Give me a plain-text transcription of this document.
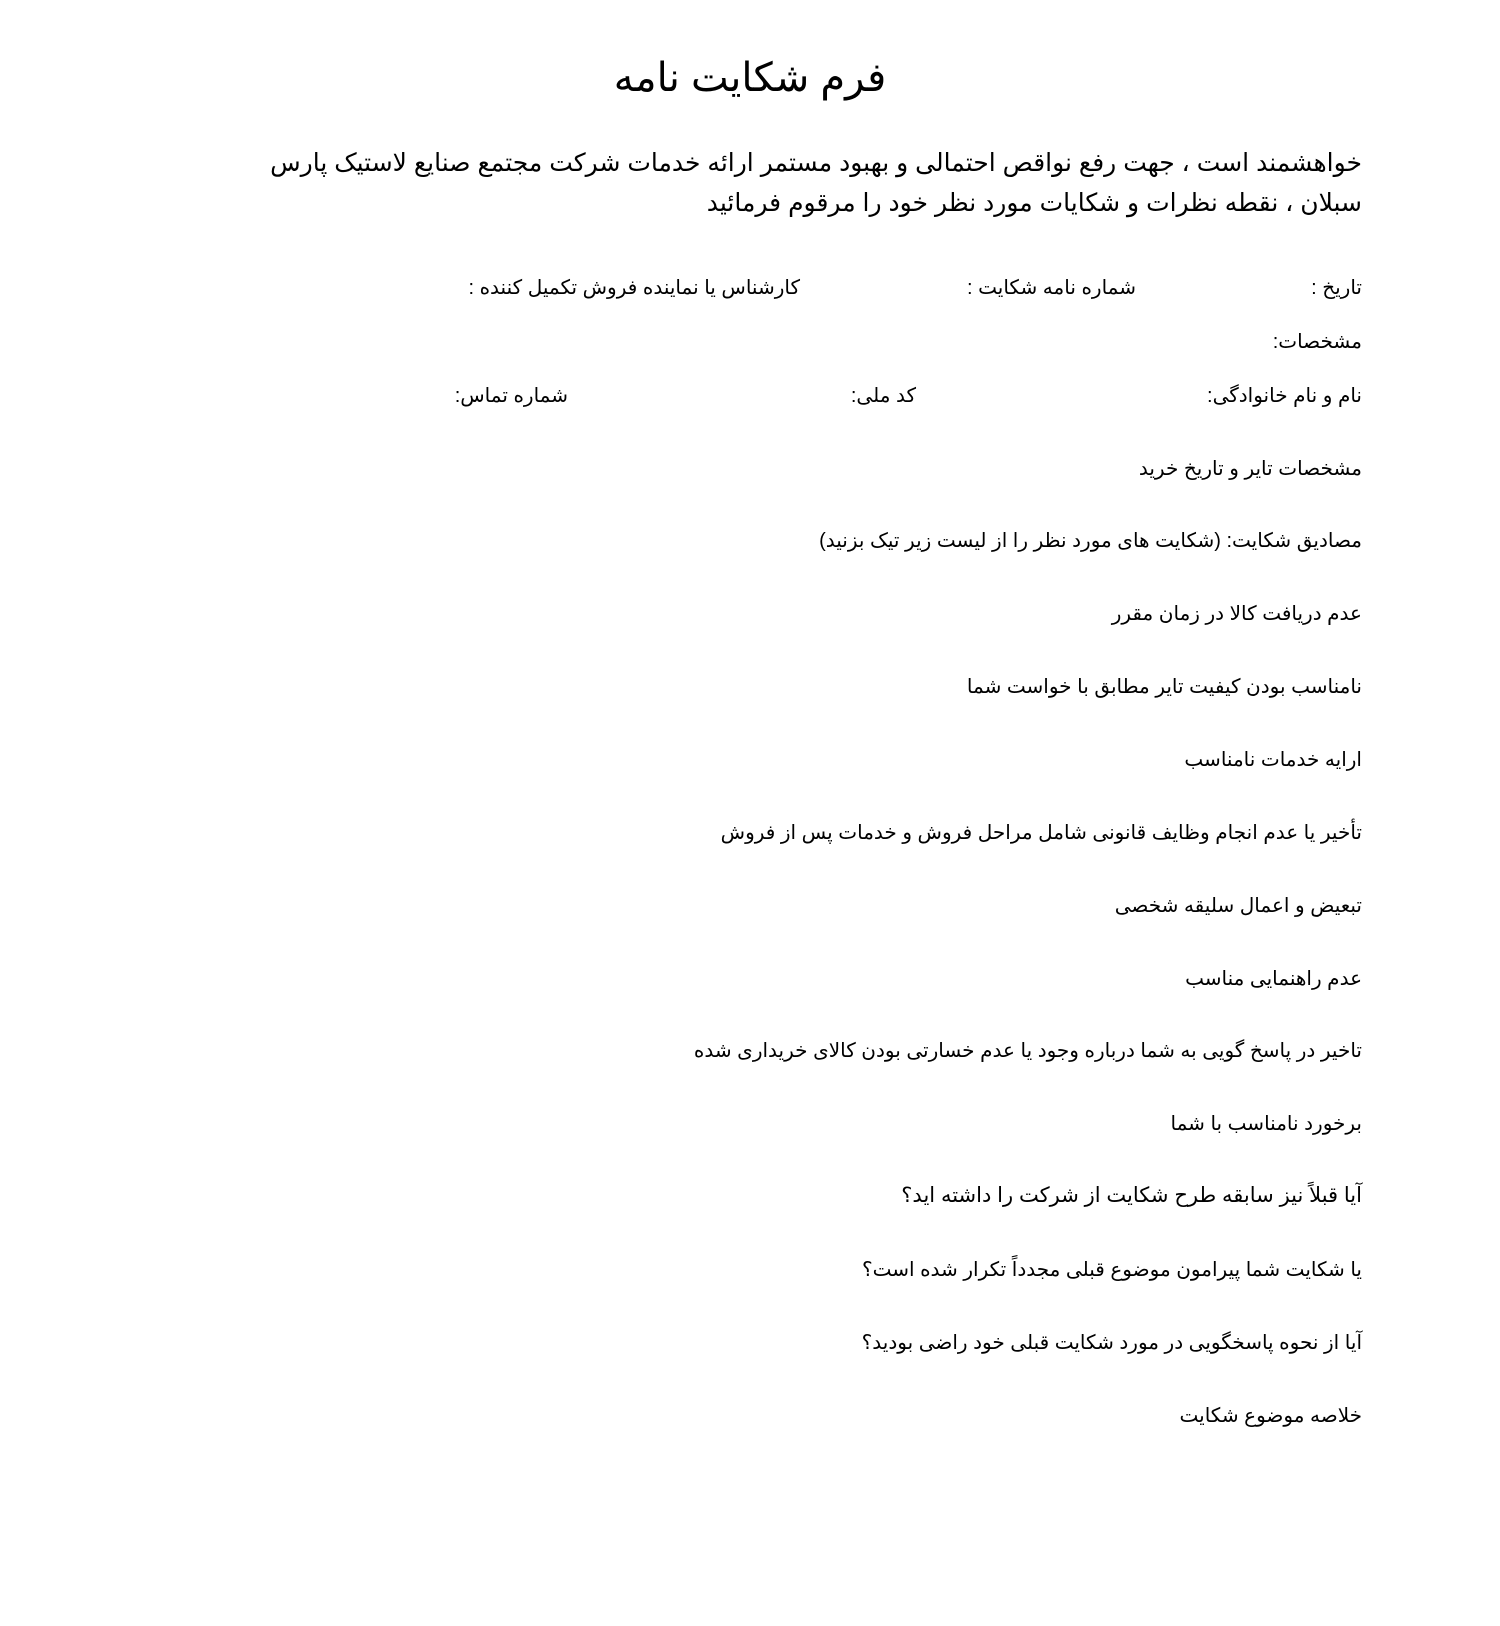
فرم شکایت نامه
خواهشمند است ، جهت رفع نواقص احتمالی و بهبود مستمر ارائه خدمات شرکت مجتمع صنایع لاستیک پارس
سبلان ، نقطه نظرات و شکایات مورد نظر خود را مرقوم فرمائید
تاریخ :
شماره نامه شکایت :
کارشناس یا نماینده فروش تکمیل کننده :
مشخصات:
نام و نام خانوادگی:
کد ملی:
شماره تماس:
مشخصات تایر و تاریخ خرید
مصادیق شکایت: (شکایت های مورد نظر را از لیست زیر تیک بزنید)
عدم دریافت کالا در زمان مقرر
نامناسب بودن کیفیت تایر مطابق با خواست شما
ارایه خدمات نامناسب
تأخیر یا عدم انجام وظایف قانونی شامل مراحل فروش و خدمات پس از فروش
تبعیض و اعمال سلیقه شخصی
عدم راهنمایی مناسب
تاخیر در پاسخ گویی به شما درباره وجود یا عدم خسارتی بودن کالای خریداری شده
برخورد نامناسب با شما
آیا قبلاً نیز سابقه طرح شکایت از شرکت را داشته اید؟
یا شکایت شما پیرامون موضوع قبلی مجدداً تکرار شده است؟
آیا از نحوه پاسخگویی در مورد شکایت قبلی خود راضی بودید؟
خلاصه موضوع شکایت
